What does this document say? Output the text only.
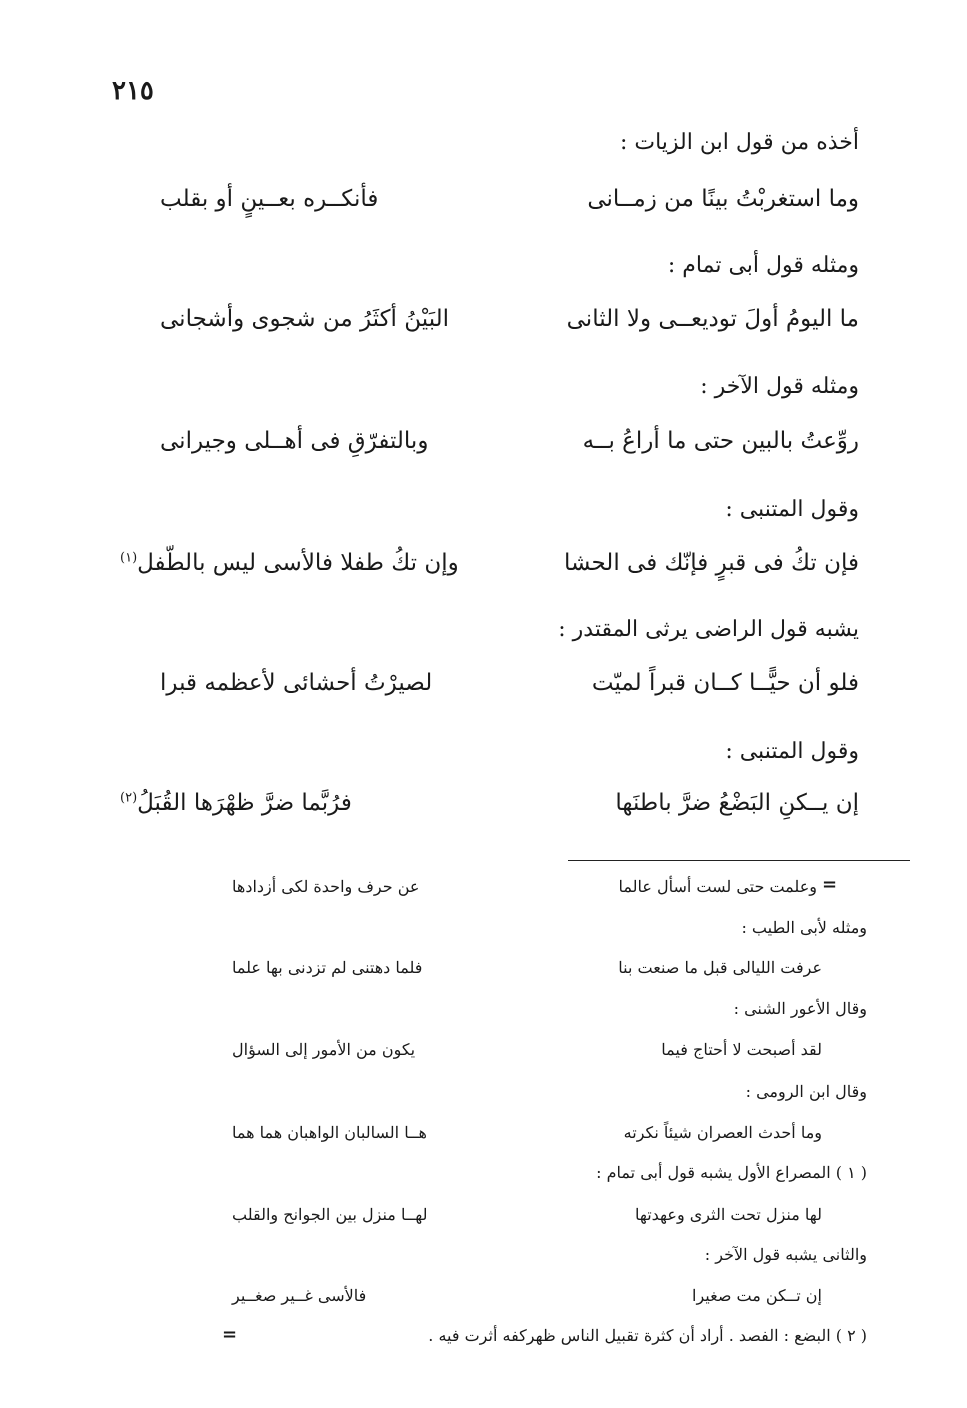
٢١٥
أخذه من قول ابن الزيات :
وما استغربْتُ بينًا من زمــانى
فأنكــره بعــينٍ أو بقلب
ومثله قول أبى تمام :
ما اليومُ أولَ توديعــى ولا الثانى
البَيْنُ أكثَرُ من شجوى وأشجانى
ومثله قول الآخر :
روِّعتُ بالبين حتى ما أراعُ بــه
وبالتفرّقِ فى أهــلى وجيرانى
وقول المتنبى :
فإن تكُ فى قبرٍ فإنّك فى الحشا
وإن تكُ طفلا فالأسى ليس بالطّفل$^{(١)}$
يشبه قول الراضى يرثى المقتدر :
فلو أن حيًّــا كــان قبراً لميّت
لصيرْتُ أحشائى لأعظمه قبرا
وقول المتنبى :
إن يــكنِ البَضْعُ ضرَّ باطنَها
فرُبَّما ضرَّ ظهْرَها القُبَلُ$^{(٢)}$
=
وعلمت حتى لست أسأل عالما
عن حرف واحدة لكى أزدادها
ومثله لأبى الطيب :
عرفت الليالى قبل ما صنعت بنا
فلما دهتنى لم تزدنى بها علما
وقال الأعور الشنى :
لقد أصبحت لا أحتاج فيما
يكون من الأمور إلى السؤال
وقال ابن الرومى :
وما أحدث العصران شيئاً نكرته
هــا السالبان الواهبان هما هما
( ١ ) المصراع الأول يشبه قول أبى تمام :
لها منزل تحت الثرى وعهدتها
لهــا منزل بين الجوانح والقلب
والثانى يشبه قول الآخر :
إن تــكن مت صغيرا
فالأسى غــير صغــير
( ٢ ) البضع : الفصد . أراد أن كثرة تقبيل الناس ظهركفه أثرت فيه .
=
